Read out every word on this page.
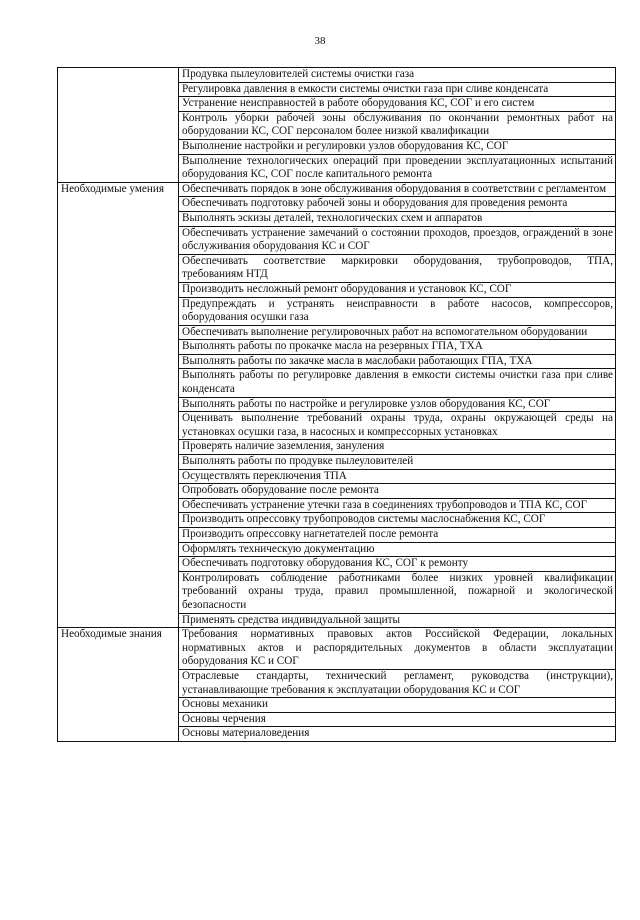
38
	Продувка пылеуловителей системы очистки газа
	Регулировка давления в емкости системы очистки газа при сливе конденсата
	Устранение неисправностей в работе оборудования КС, СОГ и его систем
	Контроль уборки рабочей зоны обслуживания по окончании ремонтных работ на оборудовании КС, СОГ персоналом более низкой квалификации
	Выполнение настройки и регулировки узлов оборудования КС, СОГ
	Выполнение технологических операций при проведении эксплуатационных испытаний оборудования КС, СОГ после капитального ремонта
Необходимые умения	Обеспечивать порядок в зоне обслуживания оборудования в соответствии с регламентом
	Обеспечивать подготовку рабочей зоны и оборудования для проведения ремонта
	Выполнять эскизы деталей, технологических схем и аппаратов
	Обеспечивать устранение замечаний о состоянии проходов, проездов, ограждений в зоне обслуживания оборудования КС и СОГ
	Обеспечивать соответствие маркировки оборудования, трубопроводов, ТПА, требованиям НТД
	Производить несложный ремонт оборудования и установок КС, СОГ
	Предупреждать и устранять неисправности в работе насосов, компрессоров, оборудования осушки газа
	Обеспечивать выполнение регулировочных работ на вспомогательном оборудовании
	Выполнять работы по прокачке масла на резервных ГПА, ТХА
	Выполнять работы по закачке масла в маслобаки работающих ГПА, ТХА
	Выполнять работы по регулировке давления в емкости системы очистки газа при сливе конденсата
	Выполнять работы по настройке и регулировке узлов оборудования КС, СОГ
	Оценивать выполнение требований охраны труда, охраны окружающей среды на установках осушки газа, в насосных и компрессорных установках
	Проверять наличие заземления, зануления
	Выполнять работы по продувке пылеуловителей
	Осуществлять переключения ТПА
	Опробовать оборудование после ремонта
	Обеспечивать устранение утечки газа в соединениях трубопроводов и ТПА КС, СОГ
	Производить опрессовку трубопроводов системы маслоснабжения КС, СОГ
	Производить опрессовку нагнетателей после ремонта
	Оформлять техническую документацию
	Обеспечивать подготовку оборудования КС, СОГ к ремонту
	Контролировать соблюдение работниками более низких уровней квалификации требований охраны труда, правил промышленной, пожарной и экологической безопасности
	Применять средства индивидуальной защиты
Необходимые знания	Требования нормативных правовых актов Российской Федерации, локальных нормативных актов и распорядительных документов в области эксплуатации оборудования КС и СОГ
	Отраслевые стандарты, технический регламент, руководства (инструкции), устанавливающие требования к эксплуатации оборудования КС и СОГ
	Основы механики
	Основы черчения
	Основы материаловедения
